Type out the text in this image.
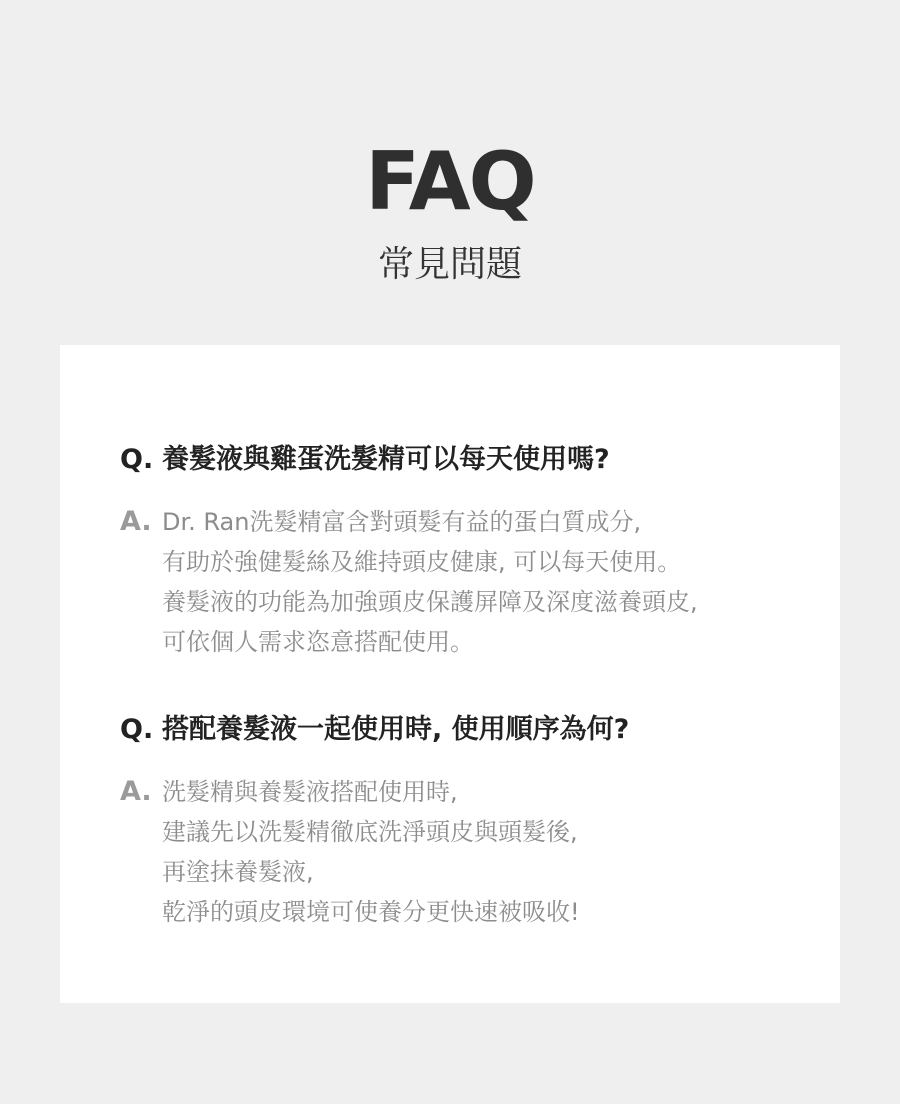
FAQ
常見問題
Q. 養髮液與雞蛋洗髮精可以每天使用嗎?
A. Dr. Ran洗髮精富含對頭髮有益的蛋白質成分,
有助於強健髮絲及維持頭皮健康, 可以每天使用。
養髮液的功能為加強頭皮保護屏障及深度滋養頭皮,
可依個人需求恣意搭配使用。
Q. 搭配養髮液一起使用時, 使用順序為何?
A. 洗髮精與養髮液搭配使用時,
建議先以洗髮精徹底洗淨頭皮與頭髮後,
再塗抹養髮液,
乾淨的頭皮環境可使養分更快速被吸收!
